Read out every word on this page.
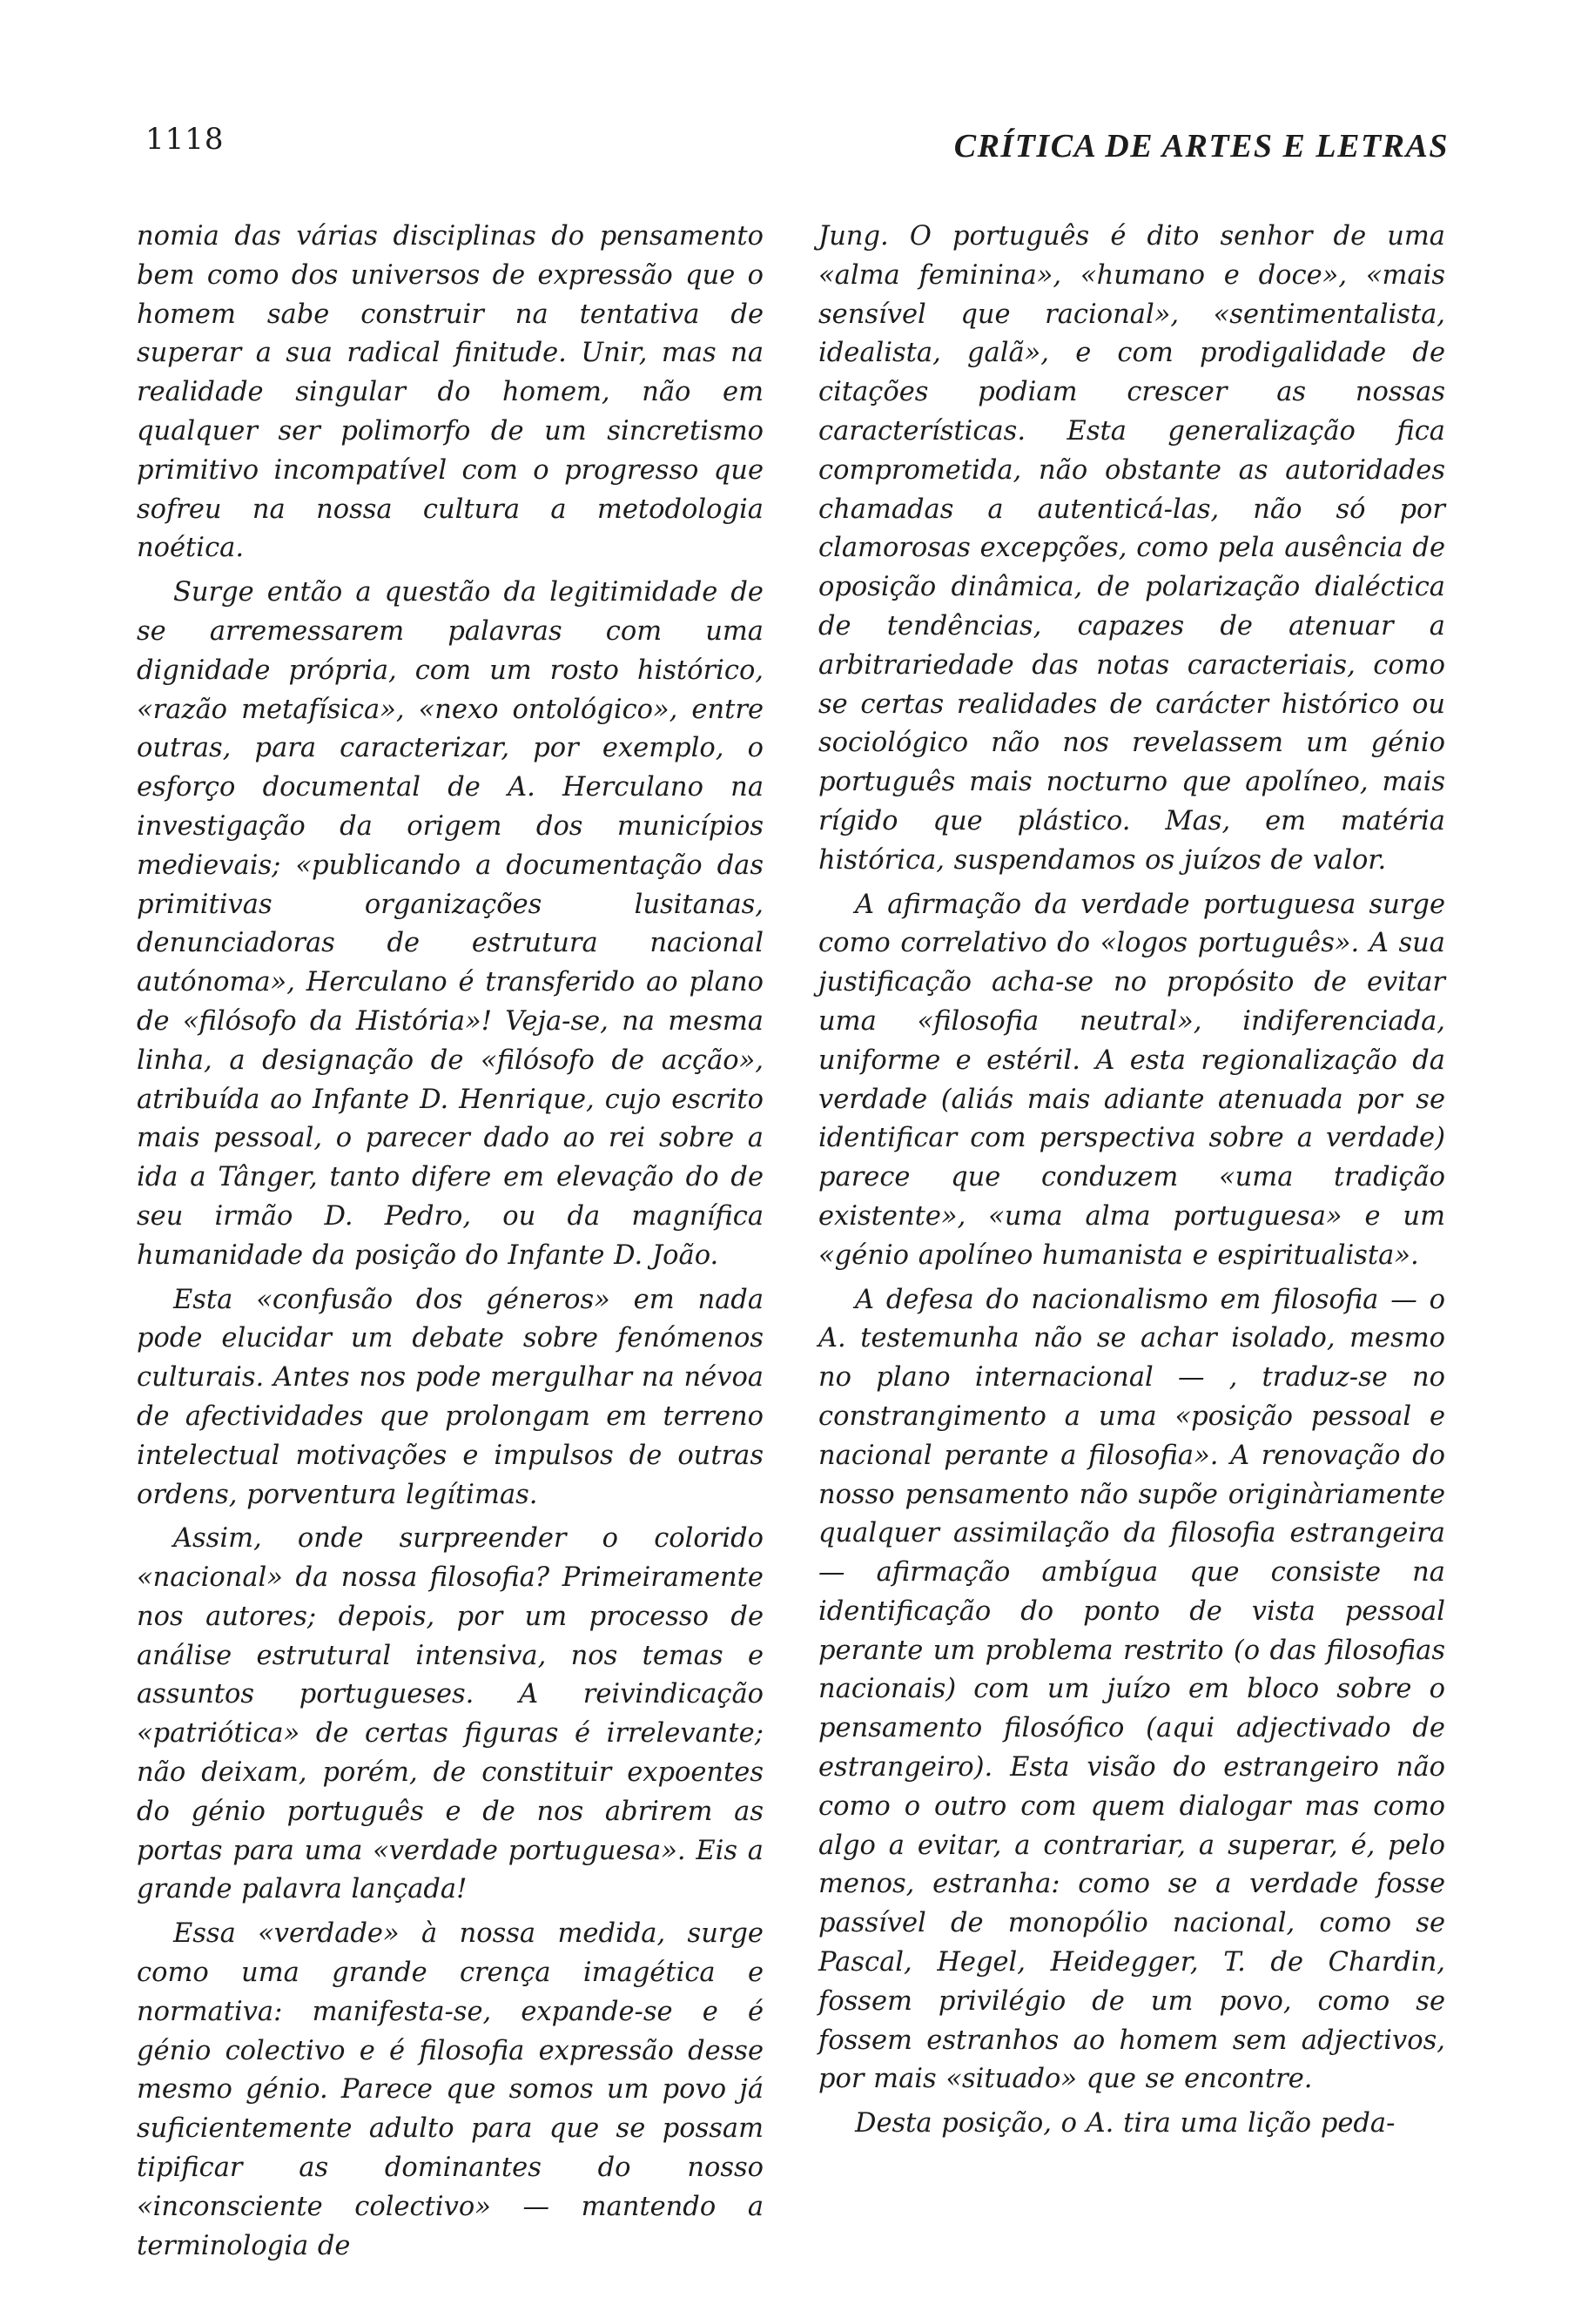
1118	CRÍTICA DE ARTES E LETRAS

nomia das várias disciplinas do pensamento bem como dos universos de expressão que o homem sabe construir na tentativa de superar a sua radical finitude. Unir, mas na realidade singular do homem, não em qualquer ser polimorfo de um sincretismo primitivo incompatível com o progresso que sofreu na nossa cultura a metodologia noética.

Surge então a questão da legitimidade de se arremessarem palavras com uma dignidade própria, com um rosto histórico, «razão metafísica», «nexo ontológico», entre outras, para caracterizar, por exemplo, o esforço documental de A. Herculano na investigação da origem dos municípios medievais; «publicando a documentação das primitivas organizações lusitanas, denunciadoras de estrutura nacional autónoma», Herculano é transferido ao plano de «filósofo da História»! Veja-se, na mesma linha, a designação de «filósofo de acção», atribuída ao Infante D. Henrique, cujo escrito mais pessoal, o parecer dado ao rei sobre a ida a Tânger, tanto difere em elevação do de seu irmão D. Pedro, ou da magnífica humanidade da posição do Infante D. João.

Esta «confusão dos géneros» em nada pode elucidar um debate sobre fenómenos culturais. Antes nos pode mergulhar na névoa de afectividades que prolongam em terreno intelectual motivações e impulsos de outras ordens, porventura legítimas.

Assim, onde surpreender o colorido «nacional» da nossa filosofia? Primeiramente nos autores; depois, por um processo de análise estrutural intensiva, nos temas e assuntos portugueses. A reivindicação «patriótica» de certas figuras é irrelevante; não deixam, porém, de constituir expoentes do génio português e de nos abrirem as portas para uma «verdade portuguesa». Eis a grande palavra lançada!

Essa «verdade» à nossa medida, surge como uma grande crença imagética e normativa: manifesta-se, expande-se e é génio colectivo e é filosofia expressão desse mesmo génio. Parece que somos um povo já suficientemente adulto para que se possam tipificar as dominantes do nosso «inconsciente colectivo» — mantendo a terminologia de

Jung. O português é dito senhor de uma «alma feminina», «humano e doce», «mais sensível que racional», «sentimentalista, idealista, galã», e com prodigalidade de citações podiam crescer as nossas características. Esta generalização fica comprometida, não obstante as autoridades chamadas a autenticá-las, não só por clamorosas excepções, como pela ausência de oposição dinâmica, de polarização dialéctica de tendências, capazes de atenuar a arbitrariedade das notas caracteriais, como se certas realidades de carácter histórico ou sociológico não nos revelassem um génio português mais nocturno que apolíneo, mais rígido que plástico. Mas, em matéria histórica, suspendamos os juízos de valor.

A afirmação da verdade portuguesa surge como correlativo do «logos português». A sua justificação acha-se no propósito de evitar uma «filosofia neutral», indiferenciada, uniforme e estéril. A esta regionalização da verdade (aliás mais adiante atenuada por se identificar com perspectiva sobre a verdade) parece que conduzem «uma tradição existente», «uma alma portuguesa» e um «génio apolíneo humanista e espiritualista».

A defesa do nacionalismo em filosofia — o A. testemunha não se achar isolado, mesmo no plano internacional — , traduz-se no constrangimento a uma «posição pessoal e nacional perante a filosofia». A renovação do nosso pensamento não supõe originàriamente qualquer assimilação da filosofia estrangeira — afirmação ambígua que consiste na identificação do ponto de vista pessoal perante um problema restrito (o das filosofias nacionais) com um juízo em bloco sobre o pensamento filosófico (aqui adjectivado de estrangeiro). Esta visão do estrangeiro não como o outro com quem dialogar mas como algo a evitar, a contrariar, a superar, é, pelo menos, estranha: como se a verdade fosse passível de monopólio nacional, como se Pascal, Hegel, Heidegger, T. de Chardin, fossem privilégio de um povo, como se fossem estranhos ao homem sem adjectivos, por mais «situado» que se encontre.

Desta posição, o A. tira uma lição peda-
